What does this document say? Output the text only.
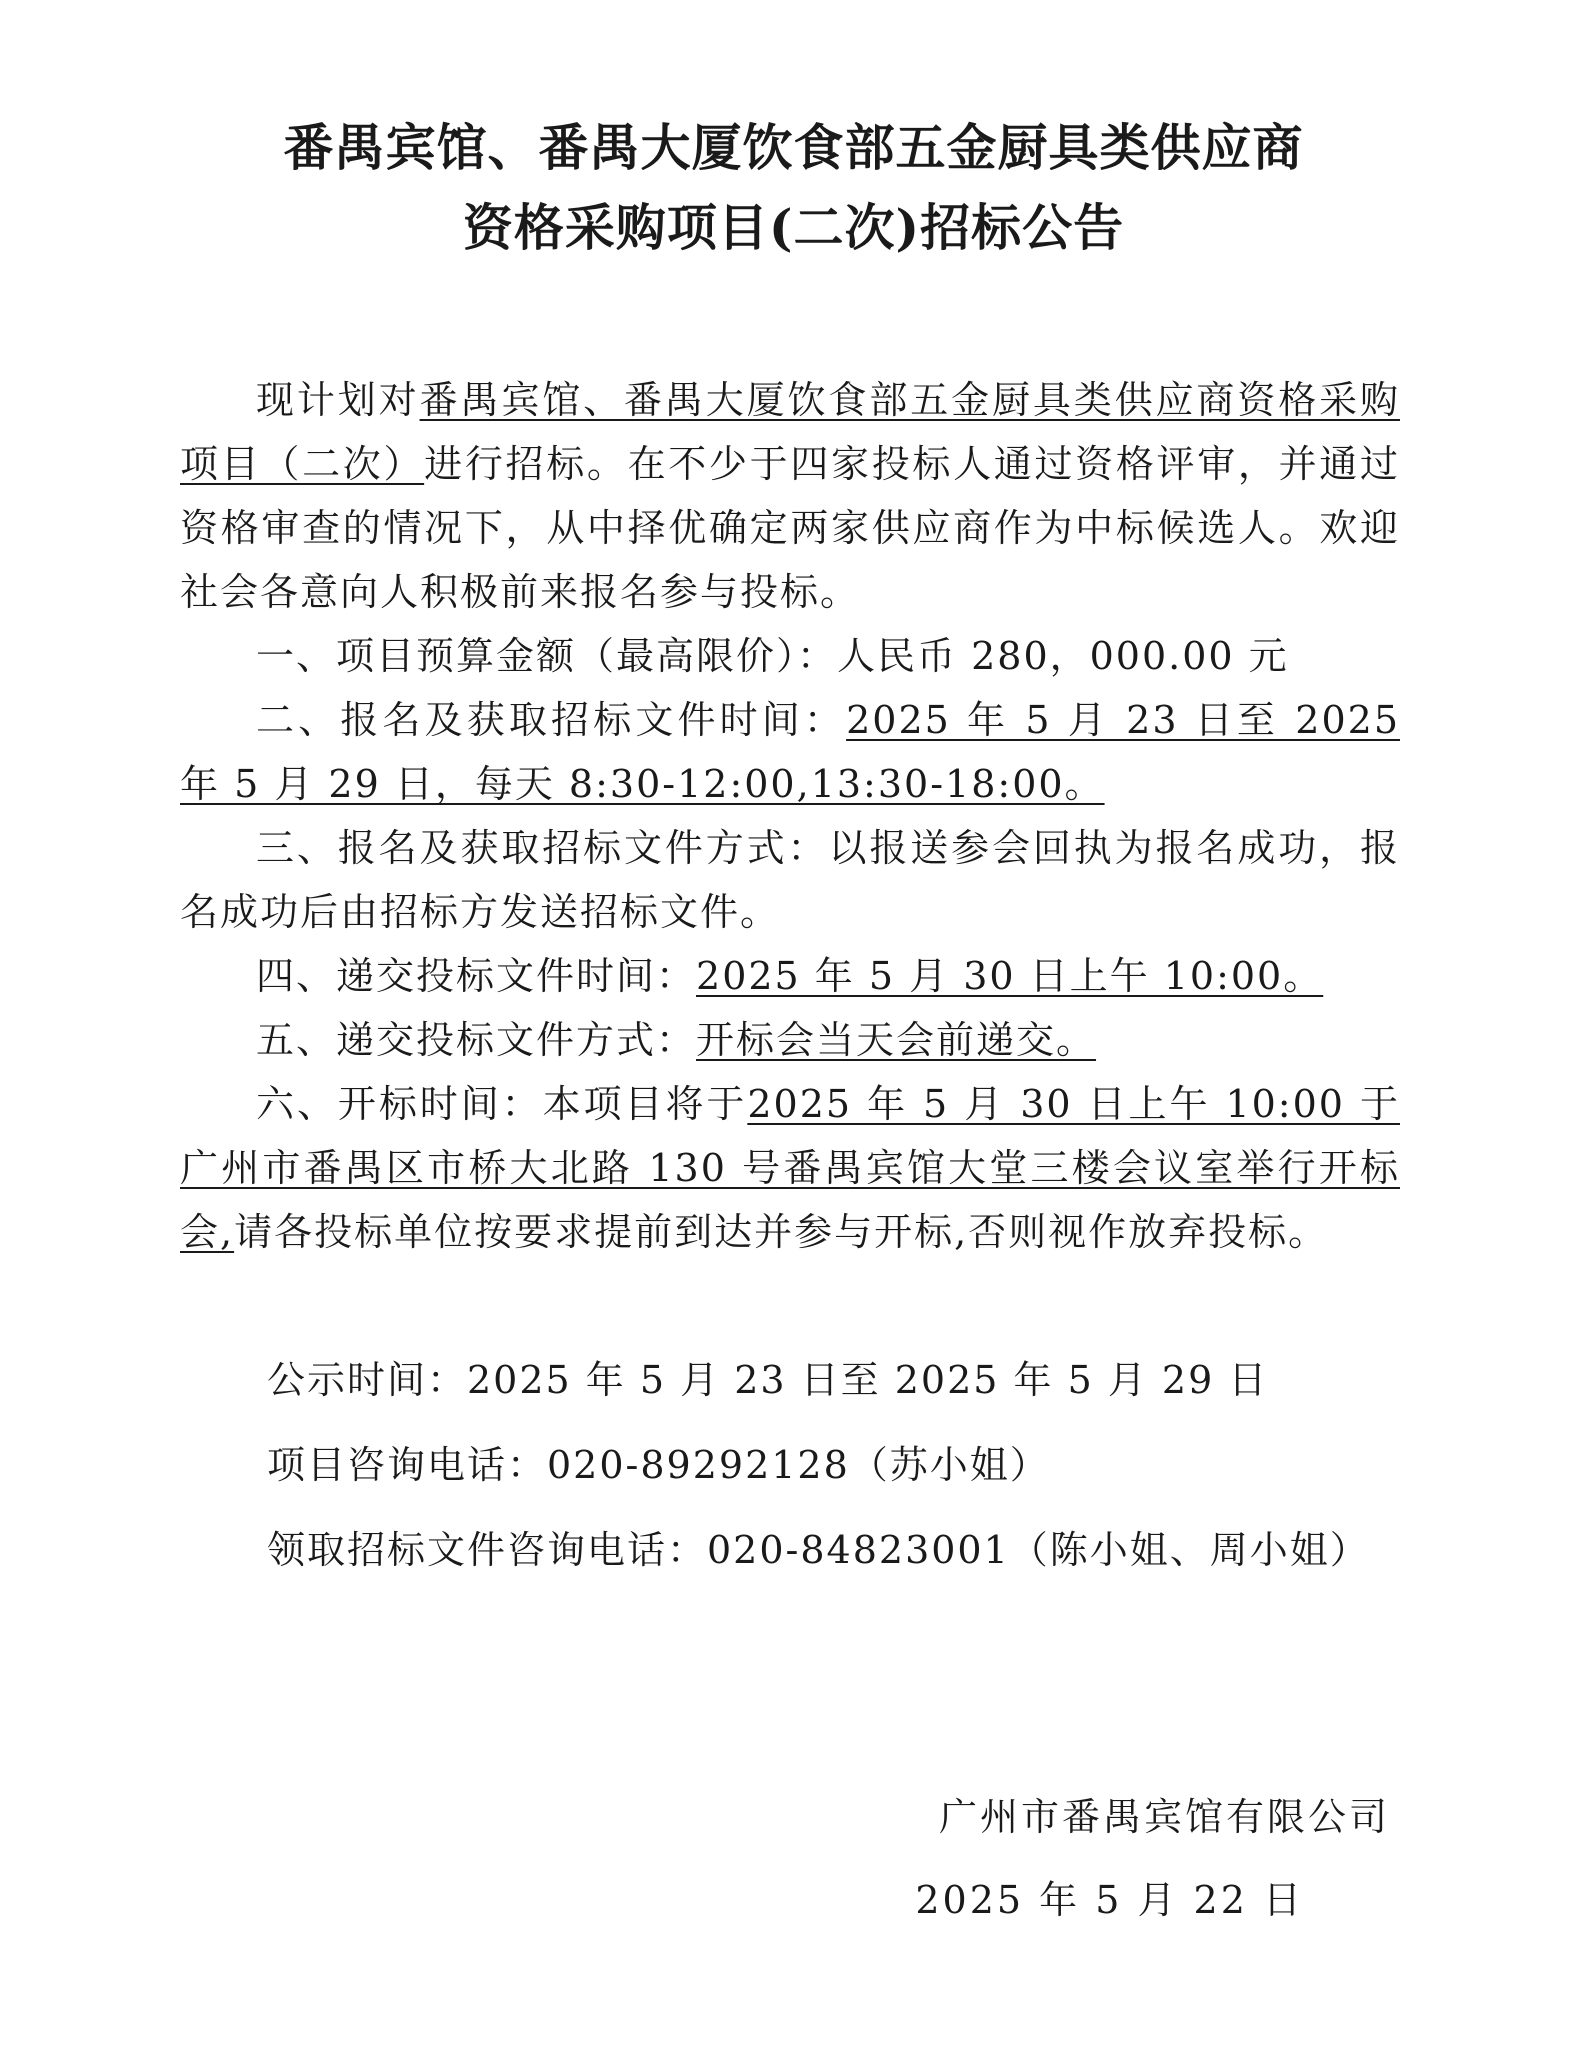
番禺宾馆、番禺大厦饮食部五金厨具类供应商
资格采购项目(二次)招标公告

现计划对番禺宾馆、番禺大厦饮食部五金厨具类供应商资格采购项目（二次）进行招标。在不少于四家投标人通过资格评审，并通过资格审查的情况下，从中择优确定两家供应商作为中标候选人。欢迎社会各意向人积极前来报名参与投标。

一、项目预算金额（最高限价）：人民币 280，000.00 元

二、报名及获取招标文件时间：2025 年 5 月 23 日至 2025 年 5 月 29 日，每天 8:30-12:00,13:30-18:00。

三、报名及获取招标文件方式：以报送参会回执为报名成功，报名成功后由招标方发送招标文件。

四、递交投标文件时间：2025 年 5 月 30 日上午 10:00。

五、递交投标文件方式：开标会当天会前递交。

六、开标时间：本项目将于2025 年 5 月 30 日上午 10:00 于广州市番禺区市桥大北路 130 号番禺宾馆大堂三楼会议室举行开标会,请各投标单位按要求提前到达并参与开标,否则视作放弃投标。

公示时间：2025 年 5 月 23 日至 2025 年 5 月 29 日

项目咨询电话：020-89292128（苏小姐）

领取招标文件咨询电话：020-84823001（陈小姐、周小姐）

广州市番禺宾馆有限公司

2025 年 5 月 22 日
